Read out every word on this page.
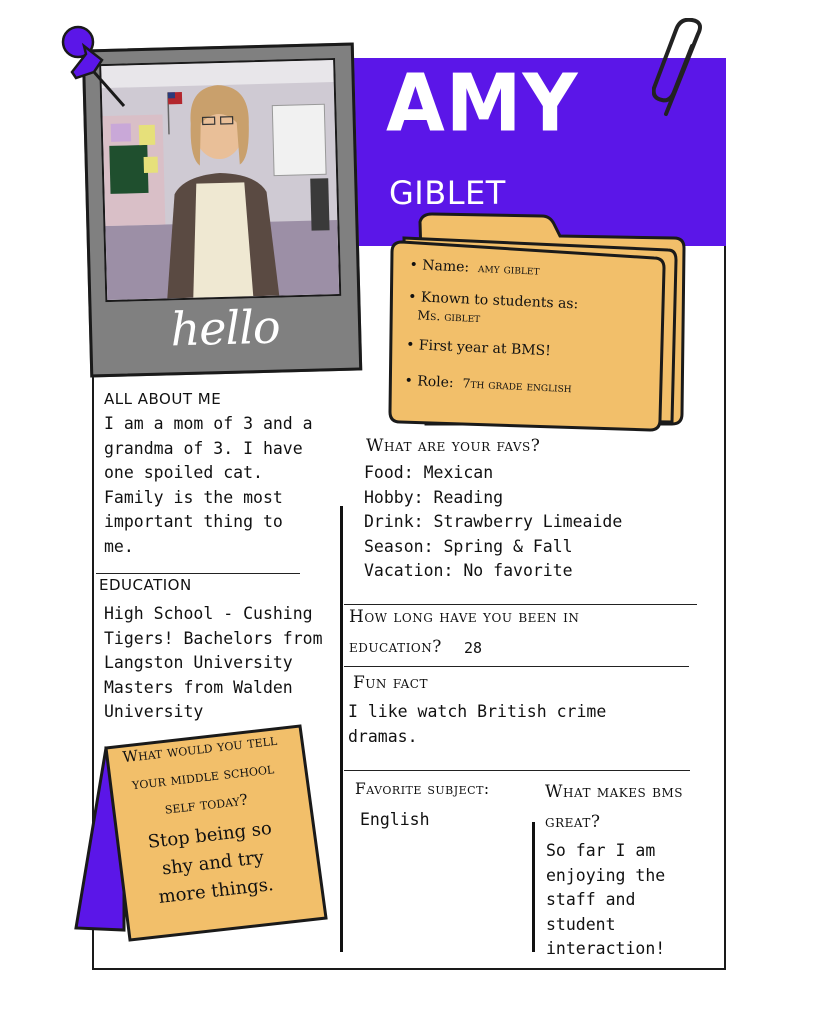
AMY
GIBLET
hello
• Name: amy giblet
• Known to students as:
Ms. giblet
• First year at BMS!
• Role: 7th grade english
ALL ABOUT ME
I am a mom of 3 and a
grandma of 3. I have
one spoiled cat.
Family is the most
important thing to
me.
What are your favs?
Food: Mexican
Hobby: Reading
Drink: Strawberry Limeaide
Season: Spring & Fall
Vacation: No favorite
EDUCATION
High School - Cushing
Tigers! Bachelors from
Langston University
Masters from Walden
University
How long have you been in
education? 28
Fun fact
I like watch British crime
dramas.
Favorite subject:
English
What makes bms
great?
So far I am
enjoying the
staff and
student
interaction!
What would you tell
your middle school
self today?
Stop being so
shy and try
more things.
